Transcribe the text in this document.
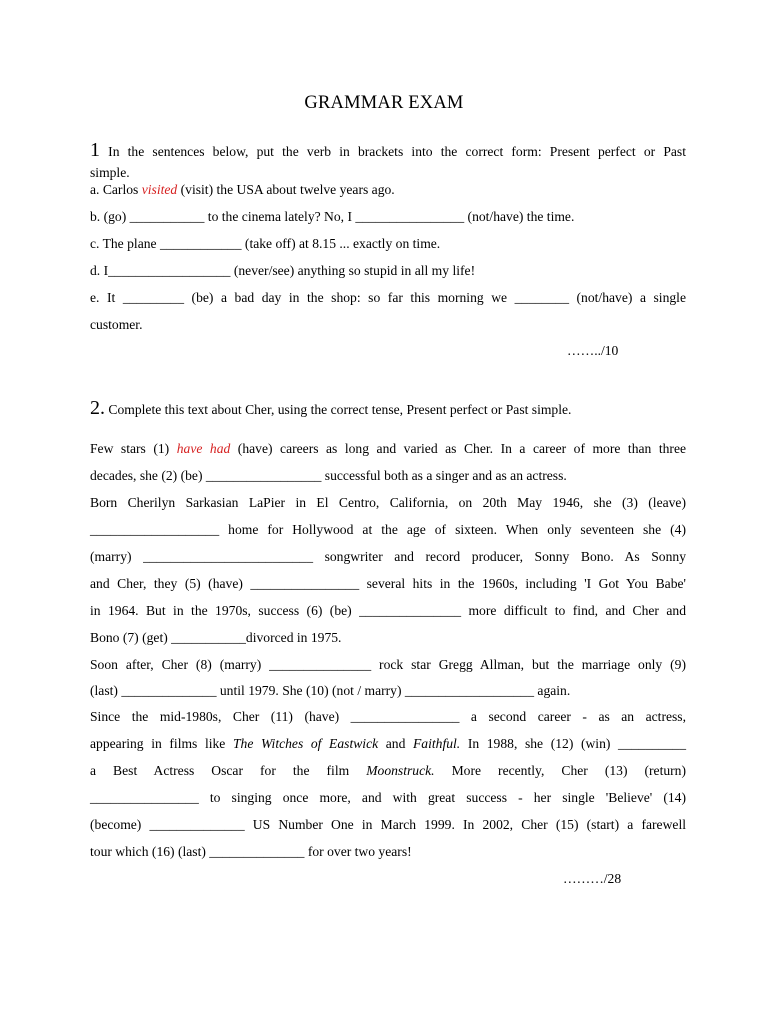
GRAMMAR EXAM
1 In the sentences below, put the verb in brackets into the correct form: Present perfect or Past
simple.
a. Carlos visited (visit) the USA about twelve years ago.
b. (go) ___________ to the cinema lately? No, I ________________ (not/have) the time.
c. The plane ____________ (take off) at 8.15 ... exactly on time.
d. I__________________ (never/see) anything so stupid in all my life!
e. It _________ (be) a bad day in the shop: so far this morning we ________ (not/have) a single
customer.
……../10
2. Complete this text about Cher, using the correct tense, Present perfect or Past simple.
Few stars (1) have had (have) careers as long and varied as Cher. In a career of more than three
decades, she (2) (be) _________________ successful both as a singer and as an actress.
Born Cherilyn Sarkasian LaPier in El Centro, California, on 20th May 1946, she (3) (leave)
___________________ home for Hollywood at the age of sixteen. When only seventeen she (4)
(marry) _________________________ songwriter and record producer, Sonny Bono. As Sonny
and Cher, they (5) (have) ________________ several hits in the 1960s, including 'I Got You Babe'
in 1964. But in the 1970s, success (6) (be) _______________ more difficult to find, and Cher and
Bono (7) (get) ___________divorced in 1975.
Soon after, Cher (8) (marry) _______________ rock star Gregg Allman, but the marriage only (9)
(last) ______________ until 1979. She (10) (not / marry) ___________________ again.
Since the mid-1980s, Cher (11) (have) ________________ a second career - as an actress,
appearing in films like The Witches of Eastwick and Faithful. In 1988, she (12) (win) __________
a Best Actress Oscar for the film Moonstruck. More recently, Cher (13) (return)
________________ to singing once more, and with great success - her single 'Believe' (14)
(become) ______________ US Number One in March 1999. In 2002, Cher (15) (start) a farewell
tour which (16) (last) ______________ for over two years!
………/28
